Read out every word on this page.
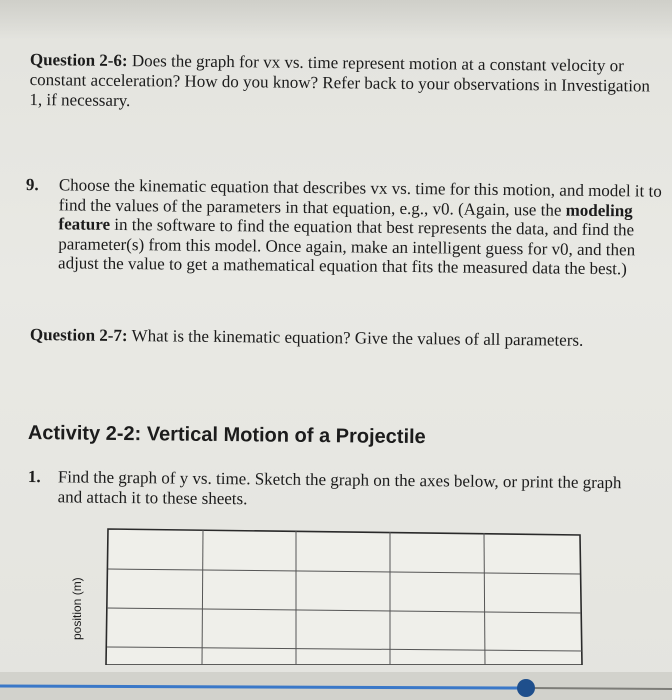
Question 2-6: Does the graph for vx vs. time represent motion at a constant velocity or constant acceleration? How do you know? Refer back to your observations in Investigation 1, if necessary.
9. Choose the kinematic equation that describes vx vs. time for this motion, and model it to find the values of the parameters in that equation, e.g., v0. (Again, use the modeling feature in the software to find the equation that best represents the data, and find the parameter(s) from this model. Once again, make an intelligent guess for v0, and then adjust the value to get a mathematical equation that fits the measured data the best.)
Question 2-7: What is the kinematic equation? Give the values of all parameters.
Activity 2-2: Vertical Motion of a Projectile
1. Find the graph of y vs. time. Sketch the graph on the axes below, or print the graph and attach it to these sheets.
position (m)
